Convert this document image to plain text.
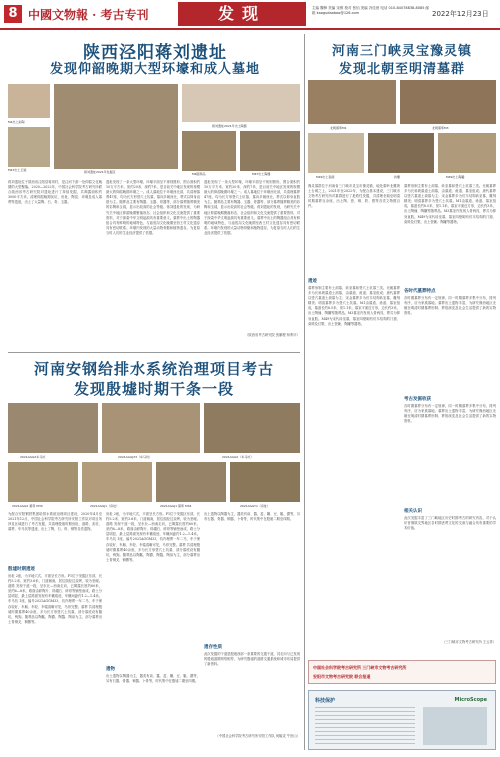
8 中國文物報 · 考古专刊	发现	主编 魏锋 责编 宋维 校对 张怡 美编 冯佳萱 电话 010-84078838-8085 邮箱 kaogudaobao@126.com	2022年12月23日
陕西泾阳蒋刘遗址
发现仰韶晚期大型环壕和成人墓地
M4出土彩陶
M47出土玉钺	蒋刘遗址2021年发掘区
蒋刘遗址2021年出土陶器
M4随葬品	M47出土陶器
蒋刘遗址位于陕西省泾阳县蒋刘村，是泾河下游一处仰韶文化晚期的大型聚落。2020—2022年，中国社会科学院考古研究所联合陕西省考古研究院对遗址进行了持续发掘，共揭露面积约3000平方米，清理仰韶晚期灰坑、房址、陶窑、环壕及成人墓葬等遗迹，出土了大量陶、石、骨、玉器。
遗址发现了一条大型环壕，环壕平面呈不规则圆形，围合面积约10万平方米，宽约20米、深约7米，是目前关中地区发现的规模最大的仰韶晚期环壕之一。成人墓地位于环壕西北部，共清理墓葬47座，均为长方形竖穴土坑墓，墓向多朝西北，葬式以仰身直肢为主。随葬品主要有陶器、玉器、骨器等，部分墓葬随葬精美的彩陶和玉钺，显示出较高的社会等级。蒋刘遗址的发现，为研究关中地区仰韶晚期聚落形态、社会组织和文化交流提供了重要资料，对于探索中华文明起源具有重要意义。墓葬中出土的陶器组合具有鲜明的地域特色，与庙底沟文化晚期至西王村文化遗存具有密切联系。环壕内发现的大量动物骨骼和植物遗存，为复原当时人们的生业经济提供了依据。
遗址发现了一条大型环壕，环壕平面呈不规则圆形，围合面积约10万平方米，宽约20米、深约7米，是目前关中地区发现的规模最大的仰韶晚期环壕之一。成人墓地位于环壕西北部，共清理墓葬47座，均为长方形竖穴土坑墓，墓向多朝西北，葬式以仰身直肢为主。随葬品主要有陶器、玉器、骨器等，部分墓葬随葬精美的彩陶和玉钺，显示出较高的社会等级。蒋刘遗址的发现，为研究关中地区仰韶晚期聚落形态、社会组织和文化交流提供了重要资料，对于探索中华文明起源具有重要意义。墓葬中出土的陶器组合具有鲜明的地域特色，与庙底沟文化晚期至西王村文化遗存具有密切联系。环壕内发现的大量动物骨骼和植物遗存，为复原当时人们的生业经济提供了依据。
（陕西省考古研究院 张鹏程 杨利平）
河南安钢给排水系统治理项目考古
发现殷墟时期干条一段
2021AGGX车马坑	2021AGGJ33（车马坑）	2021AGGX（车马坑）
2021AGGX 墓葬 M30	2021AGGJ1（房址）	2021AGGJ1 墓葬 M34	2021AGGY1（房址）
为配合安阳钢铁集团给排水系统治理项目建设，2020年4月至2021年12月，中国社会科学院考古研究所安阳工作队对项目所涉及区域进行了考古发掘，共清理殷墟时期房址、道路、灰坑、墓葬、车马坑等遗迹，出土了陶、石、骨、铜等各类遗物。
殷墟时期遗迹
房址 2座，为半地穴式，平面呈长方形。F1位于发掘区东部，长约5.2米、宽约3.6米，门道朝南，居住面经过烧烤，较为坚硬。道路 发现干道一段，呈东北—西南走向，已揭露长度约60米，宽约6—8米，路面由碎陶片、料礓石、碎骨等铺垫而成，路土分层明显，最上层路面发现有车辙痕迹，车辙间距约1.2—1.4米。车马坑 1座，编号2021AGGM33，坑内埋葬一车二马，车子保存较好，车厢、车轮、车辕清晰可见，马骨完整。墓葬 共清理殷墟时期墓葬40余座，多为长方形竖穴土坑墓，部分墓底设有腰坑，殉狗。随葬品以陶觚、陶爵、陶簋、陶鬲为主，部分墓葬出土青铜戈、铜镞等。
房址 2座，为半地穴式，平面呈长方形。F1位于发掘区东部，长约5.2米、宽约3.6米，门道朝南，居住面经过烧烤，较为坚硬。道路 发现干道一段，呈东北—西南走向，已揭露长度约60米，宽约6—8米，路面由碎陶片、料礓石、碎骨等铺垫而成，路土分层明显，最上层路面发现有车辙痕迹，车辙间距约1.2—1.4米。车马坑 1座，编号2021AGGM33，坑内埋葬一车二马，车子保存较好，车厢、车轮、车辕清晰可见，马骨完整。墓葬 共清理殷墟时期墓葬40余座，多为长方形竖穴土坑墓，部分墓底设有腰坑，殉狗。随葬品以陶觚、陶爵、陶簋、陶鬲为主，部分墓葬出土青铜戈、铜镞等。
遗物
出土遗物以陶器为主，器类有鬲、簋、盆、罐、豆、觚、爵等，另有石器、骨器、铜器、卜骨等，时代集中在殷墟二期至四期。
出土遗物以陶器为主，器类有鬲、簋、盆、罐、豆、觚、爵等，另有石器、骨器、铜器、卜骨等，时代集中在殷墟二期至四期。
遗存性质
此次发掘的干道是殷墟西部一条重要的交通干道，其走向与已发现的殷墟道路网络相符，为研究殷墟的道路交通系统和城市布局提供了新资料。
（中国社会科学院考古研究所安阳工作队 何毓灵 牛世山）
河南三门峡灵宝豫灵镇
发现北朝至明清墓群
北朝墓葬M1	北朝墓葬M3
M49出土瓷碗	砖雕	M49出土陶罐
豫灵墓群位于河南省三门峡市灵宝市豫灵镇，地处秦岭北麓黄土台塬之上。2021年至2022年，为配合基本建设，三门峡市文物考古研究所对墓群进行了抢救性发掘，共清理北朝至明清时期墓葬百余座，出土陶、瓷、铜、铁、银等各类文物数百件。
遗迹
墓葬形制主要有土洞墓、砖室墓和竖穴土坑墓三类。北朝墓葬多为长斜坡墓道土洞墓，由墓道、甬道、墓室组成；唐代墓葬以竖穴墓道土洞墓为主；宋金墓葬多为仿木结构砖室墓，雕刻精美；明清墓葬多为竖穴土坑墓。M1由墓道、甬道、墓室组成，墓道长约8.5米、宽1.1米，墓室平面近方形，边长约3米，出土陶俑、陶罐等随葬品。M3墓室内发现人骨两具，葬式为仰身直肢。M49为宋代砖室墓，墓室四壁砌有仿木结构的门窗、桌椅及灯檠，出土瓷碗、陶罐等器物。
墓葬形制主要有土洞墓、砖室墓和竖穴土坑墓三类。北朝墓葬多为长斜坡墓道土洞墓，由墓道、甬道、墓室组成；唐代墓葬以竖穴墓道土洞墓为主；宋金墓葬多为仿木结构砖室墓，雕刻精美；明清墓葬多为竖穴土坑墓。M1由墓道、甬道、墓室组成，墓道长约8.5米、宽1.1米，墓室平面近方形，边长约3米，出土陶俑、陶罐等随葬品。M3墓室内发现人骨两具，葬式为仰身直肢。M49为宋代砖室墓，墓室四壁砌有仿木结构的门窗、桌椅及灯檠，出土瓷碗、陶罐等器物。
各时代墓葬特点
各时期墓葬分布有一定规律，同一时期墓葬多集中分布，排列有序，应为家族墓地。墓葬出土遗物丰富，为研究豫西地区北朝至明清时期墓葬形制、葬俗演变及社会生活提供了新的实物资料。
考古发掘收获
各时期墓葬分布有一定规律，同一时期墓葬多集中分布，排列有序，应为家族墓地。墓葬出土遗物丰富，为研究豫西地区北朝至明清时期墓葬形制、葬俗演变及社会生活提供了新的实物资料。
相关认识
此次发掘丰富了三门峡地区历史时期考古的研究内容，对于认识晋豫陕交界地区各时期丧葬文化的交流与融合具有重要的学术价值。
（三门峡市文物考古研究所 王云祥）
中国社会科学院考古研究所 三门峡市文物考古研究所
安阳市文物考古研究院 联合报道
科技保护	MicroScope
